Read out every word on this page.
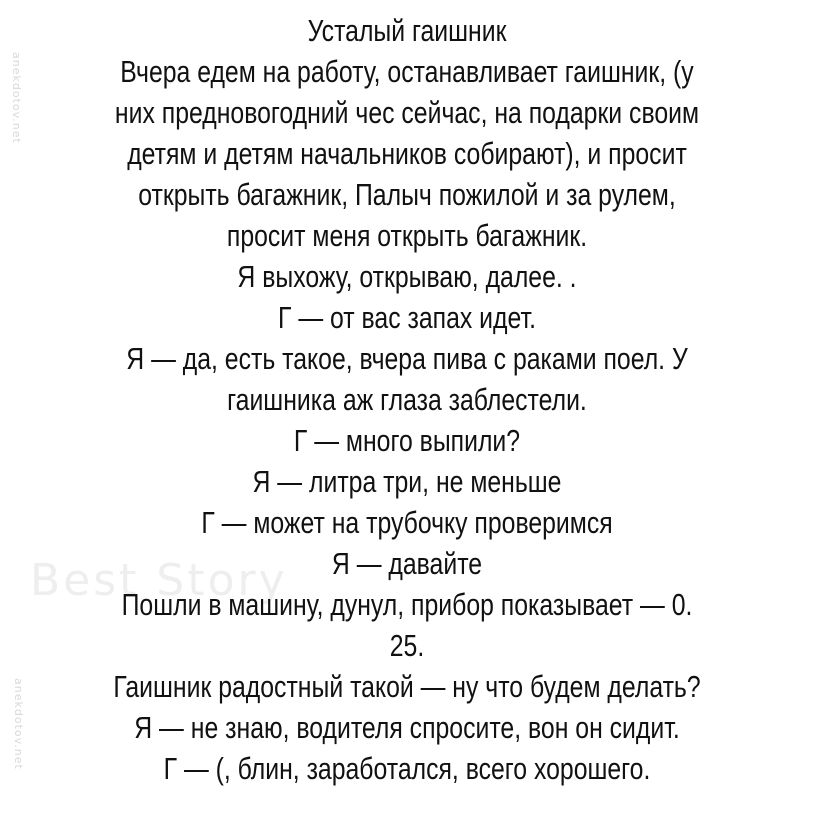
anekdotov.net
Best Story
anekdotov.net
Усталый гаишник
Вчера едем на работу, останавливает гаишник, (у
них предновогодний чес сейчас, на подарки своим
детям и детям начальников собирают), и просит
открыть багажник, Палыч пожилой и за рулем,
просит меня открыть багажник.
Я выхожу, открываю, далее. .
Г — от вас запах идет.
Я — да, есть такое, вчера пива с раками поел. У
гаишника аж глаза заблестели.
Г — много выпили?
Я — литра три, не меньше
Г — может на трубочку проверимся
Я — давайте
Пошли в машину, дунул, прибор показывает — 0.
25.
Гаишник радостный такой — ну что будем делать?
Я — не знаю, водителя спросите, вон он сидит.
Г — (, блин, заработался, всего хорошего.
